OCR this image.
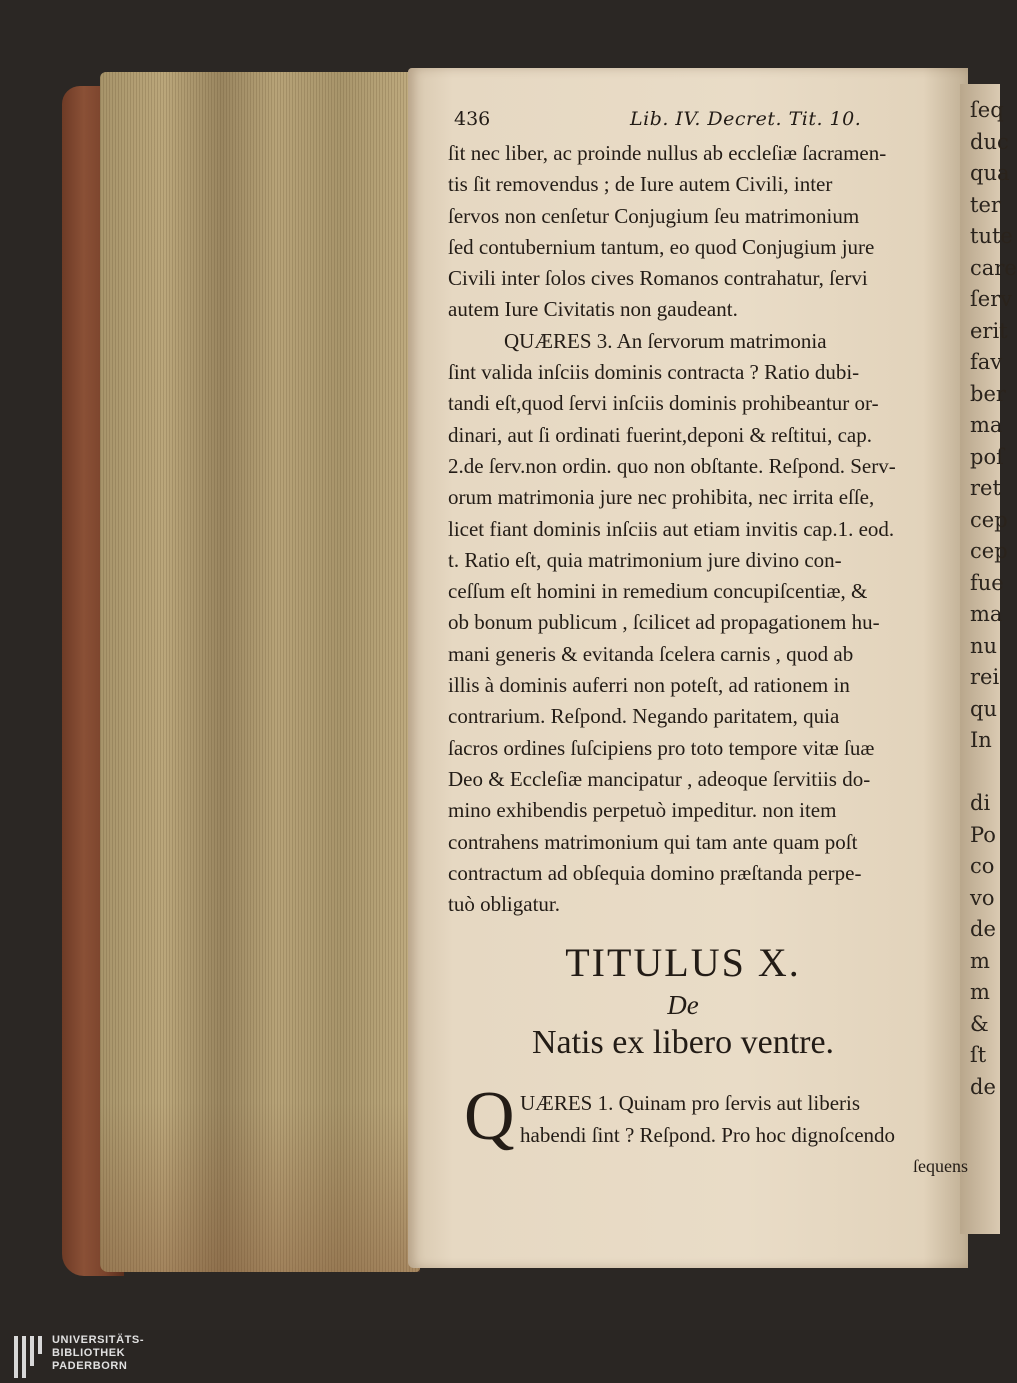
ſeq
duc
qua
ter
tute
care
ſerv
erit
fav
ber
ma
poſ
ret
cep
cep
fue
ma
nu
rei
qu
In
di
Po
co
vo
de
m
m
&
ſt
de
436	Lib. IV. Decret. Tit. 10.
ſit nec liber, ac proinde nullus ab eccleſiæ ſacramen-
tis ſit removendus ; de Iure autem Civili, inter
ſervos non cenſetur Conjugium ſeu matrimonium
ſed contubernium tantum, eo quod Conjugium jure
Civili inter ſolos cives Romanos contrahatur, ſervi
autem Iure Civitatis non gaudeant.
QUÆRES 3. An ſervorum matrimonia
ſint valida inſciis dominis contracta ? Ratio dubi-
tandi eſt,quod ſervi inſciis dominis prohibeantur or-
dinari, aut ſi ordinati fuerint,deponi & reſtitui, cap.
2.de ſerv.non ordin. quo non obſtante. Reſpond. Serv-
orum matrimonia jure nec prohibita, nec irrita eſſe,
licet fiant dominis inſciis aut etiam invitis cap.1. eod.
t. Ratio eſt, quia matrimonium jure divino con-
ceſſum eſt homini in remedium concupiſcentiæ, &
ob bonum publicum , ſcilicet ad propagationem hu-
mani generis & evitanda ſcelera carnis , quod ab
illis à dominis auferri non poteſt, ad rationem in
contrarium. Reſpond. Negando paritatem, quia
ſacros ordines ſuſcipiens pro toto tempore vitæ ſuæ
Deo & Eccleſiæ mancipatur , adeoque ſervitiis do-
mino exhibendis perpetuò impeditur. non item
contrahens matrimonium qui tam ante quam poſt
contractum ad obſequia domino præſtanda perpe-
tuò obligatur.
TITULUS X.
De
Natis ex libero ventre.
Q UÆRES 1. Quinam pro ſervis aut liberis
habendi ſint ? Reſpond. Pro hoc dignoſcendo
ſequens
UNIVERSITÄTS-
BIBLIOTHEK
PADERBORN
